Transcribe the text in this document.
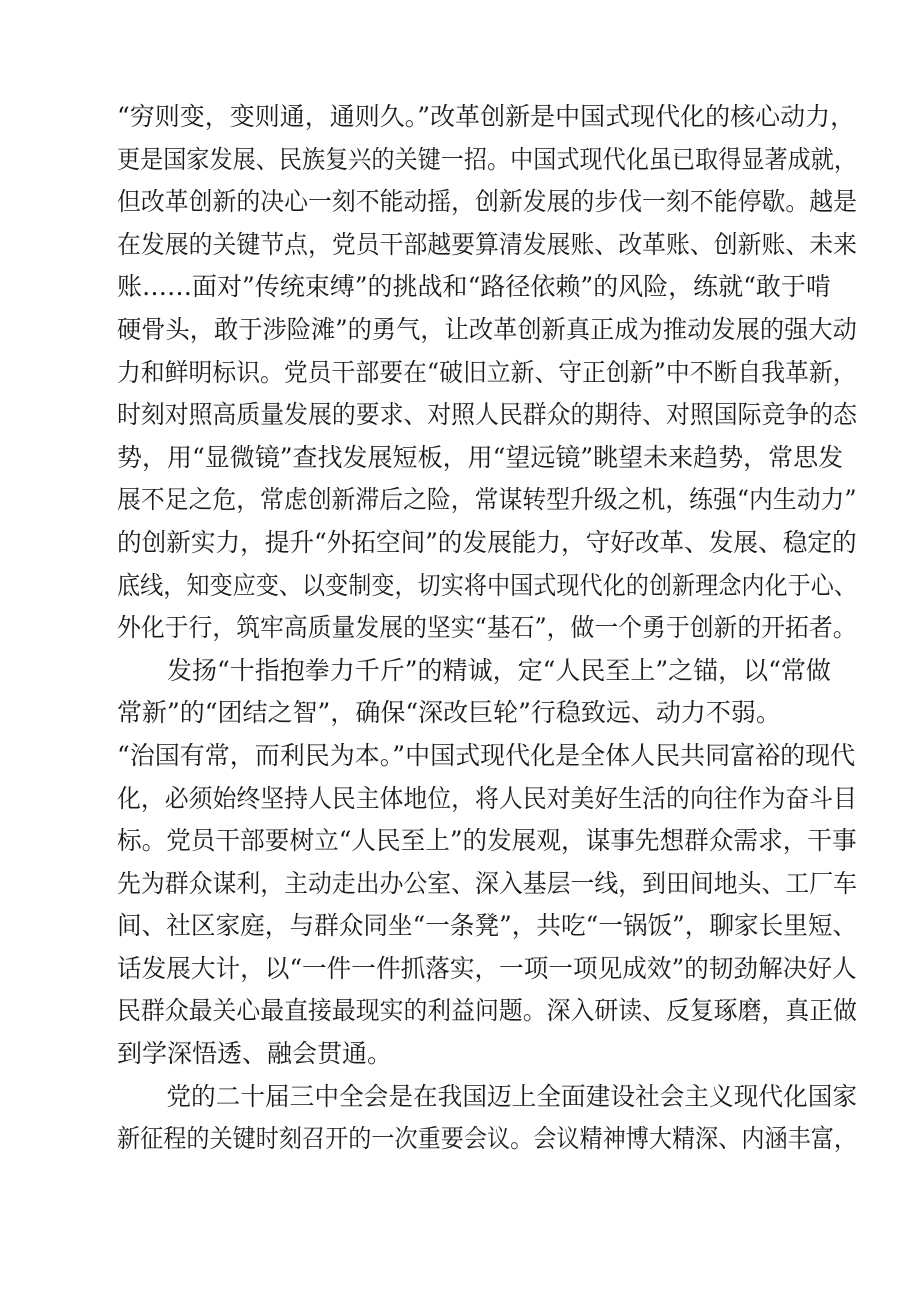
“穷则变，变则通，通则久。”改革创新是中国式现代化的核心动力，
更是国家发展、民族复兴的关键一招。中国式现代化虽已取得显著成就，
但改革创新的决心一刻不能动摇，创新发展的步伐一刻不能停歇。越是
在发展的关键节点，党员干部越要算清发展账、改革账、创新账、未来
账……面对”传统束缚”的挑战和“路径依赖”的风险，练就“敢于啃
硬骨头，敢于涉险滩”的勇气，让改革创新真正成为推动发展的强大动
力和鲜明标识。党员干部要在“破旧立新、守正创新”中不断自我革新，
时刻对照高质量发展的要求、对照人民群众的期待、对照国际竞争的态
势，用“显微镜”查找发展短板，用“望远镜”眺望未来趋势，常思发
展不足之危，常虑创新滞后之险，常谋转型升级之机，练强“内生动力”
的创新实力，提升“外拓空间”的发展能力，守好改革、发展、稳定的
底线，知变应变、以变制变，切实将中国式现代化的创新理念内化于心、
外化于行，筑牢高质量发展的坚实“基石”，做一个勇于创新的开拓者。
发扬“十指抱拳力千斤”的精诚，定“人民至上”之锚，以“常做
常新”的“团结之智”，确保“深改巨轮”行稳致远、动力不弱。
“治国有常，而利民为本。”中国式现代化是全体人民共同富裕的现代
化，必须始终坚持人民主体地位，将人民对美好生活的向往作为奋斗目
标。党员干部要树立“人民至上”的发展观，谋事先想群众需求，干事
先为群众谋利，主动走出办公室、深入基层一线，到田间地头、工厂车
间、社区家庭，与群众同坐“一条凳”，共吃“一锅饭”，聊家长里短、
话发展大计，以“一件一件抓落实，一项一项见成效”的韧劲解决好人
民群众最关心最直接最现实的利益问题。深入研读、反复琢磨，真正做
到学深悟透、融会贯通。
党的二十届三中全会是在我国迈上全面建设社会主义现代化国家
新征程的关键时刻召开的一次重要会议。会议精神博大精深、内涵丰富，
